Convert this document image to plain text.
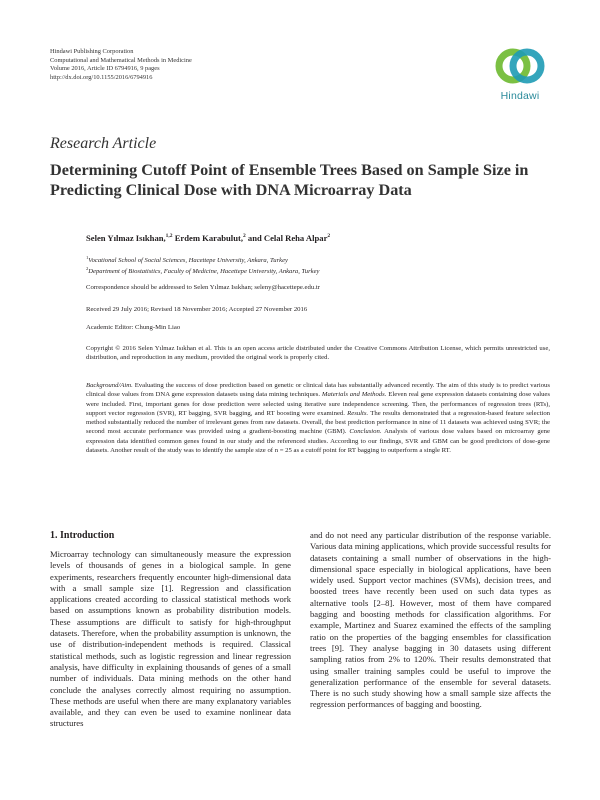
Hindawi Publishing Corporation
Computational and Mathematical Methods in Medicine
Volume 2016, Article ID 6794916, 9 pages
http://dx.doi.org/10.1155/2016/6794916
Hindawi
Research Article
Determining Cutoff Point of Ensemble Trees Based on Sample Size in Predicting Clinical Dose with DNA Microarray Data
Selen Yılmaz Isıkhan,$^{1,2}$ Erdem Karabulut,$^2$ and Celal Reha Alpar$^2$
$^1$Vocational School of Social Sciences, Hacettepe University, Ankara, Turkey
$^2$Department of Biostatistics, Faculty of Medicine, Hacettepe University, Ankara, Turkey
Correspondence should be addressed to Selen Yılmaz Isıkhan; seleny@hacettepe.edu.tr
Received 29 July 2016; Revised 18 November 2016; Accepted 27 November 2016
Academic Editor: Chung-Min Liao
Copyright © 2016 Selen Yılmaz Isıkhan et al. This is an open access article distributed under the Creative Commons Attribution License, which permits unrestricted use, distribution, and reproduction in any medium, provided the original work is properly cited.
Background/Aim. Evaluating the success of dose prediction based on genetic or clinical data has substantially advanced recently. The aim of this study is to predict various clinical dose values from DNA gene expression datasets using data mining techniques. Materials and Methods. Eleven real gene expression datasets containing dose values were included. First, important genes for dose prediction were selected using iterative sure independence screening. Then, the performances of regression trees (RTs), support vector regression (SVR), RT bagging, SVR bagging, and RT boosting were examined. Results. The results demonstrated that a regression-based feature selection method substantially reduced the number of irrelevant genes from raw datasets. Overall, the best prediction performance in nine of 11 datasets was achieved using SVR; the second most accurate performance was provided using a gradient-boosting machine (GBM). Conclusion. Analysis of various dose values based on microarray gene expression data identified common genes found in our study and the referenced studies. According to our findings, SVR and GBM can be good predictors of dose-gene datasets. Another result of the study was to identify the sample size of n = 25 as a cutoff point for RT bagging to outperform a single RT.
1. Introduction
Microarray technology can simultaneously measure the expression levels of thousands of genes in a biological sample. In gene experiments, researchers frequently encounter high-dimensional data with a small sample size [1]. Regression and classification applications created according to classical statistical methods work based on assumptions known as probability distribution models. These assumptions are difficult to satisfy for high-throughput datasets. Therefore, when the probability assumption is unknown, the use of distribution-independent methods is required. Classical statistical methods, such as logistic regression and linear regression analysis, have difficulty in explaining thousands of genes of a small number of individuals. Data mining methods on the other hand conclude the analyses correctly almost requiring no assumption. These methods are useful when there are many explanatory variables available, and they can even be used to examine nonlinear data structures
and do not need any particular distribution of the response variable. Various data mining applications, which provide successful results for datasets containing a small number of observations in the high-dimensional space especially in biological applications, have been widely used. Support vector machines (SVMs), decision trees, and boosted trees have recently been used on such data types as alternative tools [2–8]. However, most of them have compared bagging and boosting methods for classification algorithms. For example, Martinez and Suarez examined the effects of the sampling ratio on the properties of the bagging ensembles for classification trees [9]. They analyse bagging in 30 datasets using different sampling ratios from 2% to 120%. Their results demonstrated that using smaller training samples could be useful to improve the generalization performance of the ensemble for several datasets. There is no such study showing how a small sample size affects the regression performances of bagging and boosting.
